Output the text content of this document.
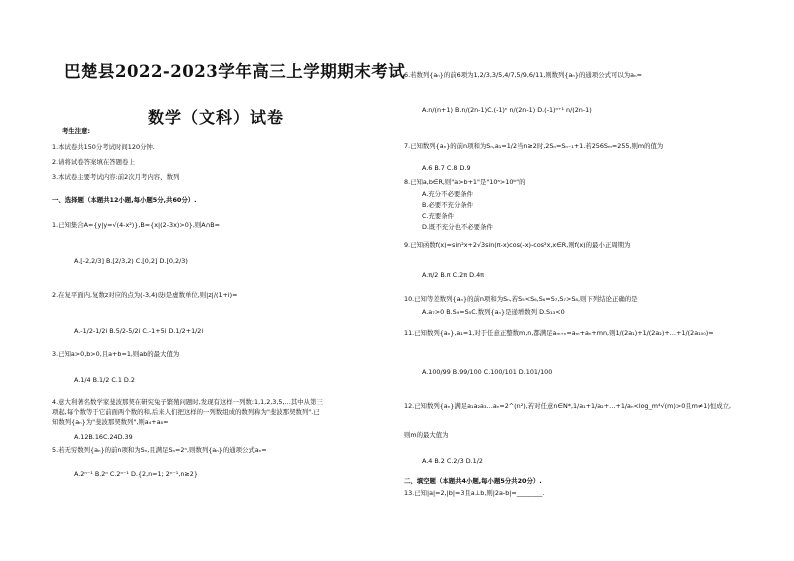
巴楚县2022-2023学年高三上学期期末考试
数学（文科）试卷
考生注意:
1.本试卷共150分考试时间120分钟.
2.请将试卷答案填在答题卷上
3.本试卷主要考试内容:前2次月考内容、数列
一、选择题（本题共12小题,每小题5分,共60分）.
1.已知集合A={y|y=√(4-x²)},B={x|(2-3x)>0},则A∩B=
A.[-2,2/3] B.[2/3,2) C.[0,2] D.[0,2/3)
2.在复平面内,复数z对应的点为(-3,4)设i是虚数单位,则|z|/(1+i)=
A.-1/2-1/2i B.5/2-5/2i C.-1+5i D.1/2+1/2i
3.已知a>0,b>0,且a+b=1,则ab的最大值为
A.1/4 B.1/2 C.1 D.2
4.意大利著名数学家斐波那契在研究兔子繁殖问题时,发现有这样一列数:1,1,2,3,5,…其中从第三
项起,每个数等于它前面两个数的和,后来人们把这样的一列数组成的数列称为"斐波那契数列".已
知数列{aₙ}为"斐波那契数列",则a₄+a₈=
A.12B.16C.24D.39
5.若无穷数列{aₙ}的前n项和为Sₙ,且满足Sₙ=2ⁿ,则数列{aₙ}的通项公式aₙ=
A.2ⁿ⁻¹ B.2ⁿ C.2ⁿ⁻¹ D.{2,n=1; 2ⁿ⁻¹,n≥2}
6.若数列{aₙ}的前6项为1,2/3,3/5,4/7,5/9,6/11,则数列{aₙ}的通项公式可以为aₙ=
A.n/(n+1) B.n/(2n-1)C.(-1)ⁿ n/(2n-1) D.(-1)ⁿ⁺¹ n/(2n-1)
7.已知数列{aₙ}的前n项和为Sₙ,a₁=1/2当n≥2时,2Sₙ=Sₙ₋₁+1.若256Sₘ=255,则m的值为
A.6 B.7 C.8 D.9
8.已知a,b∈R,则"a>b+1"是"10ᵃ>10ᵇ"的
A.充分不必要条件
B.必要不充分条件
C.充要条件
D.既不充分也不必要条件
9.已知函数f(x)=sin²x+2√3sin(π-x)cos(-x)-cos²x,x∈R,则f(x)的最小正周期为
A.π/2 B.π C.2π D.4π
10.已知等差数列{aₙ}的前n项和为Sₙ,若S₅<S₆,S₆=S₇,S₇>S₈,则下列结论正确的是
A.a₇>0 B.S₉=S₅C.数列{aₙ}是递增数列 D.S₁₃<0
11.已知数列{aₙ},a₁=1,对于任意正整数m,n,都满足aₘ₊ₙ=aₘ+aₙ+mn,则1/(2a₁)+1/(2a₂)+…+1/(2a₁₀₀)=
A.100/99 B.99/100 C.100/101 D.101/100
12.已知数列{aₙ}满足a₁a₂a₃…aₙ=2^(n²),若对任意n∈N*,1/a₁+1/a₂+…+1/aₙ<log_m⁴√(m)>0且m≠1)恒成立,
则m的最大值为
A.4 B.2 C.2/3 D.1/2
二、填空题（本题共4小题,每小题5分共20分）.
13.已知|a|=2,|b|=3且a⊥b,则|2a-b|=________.
